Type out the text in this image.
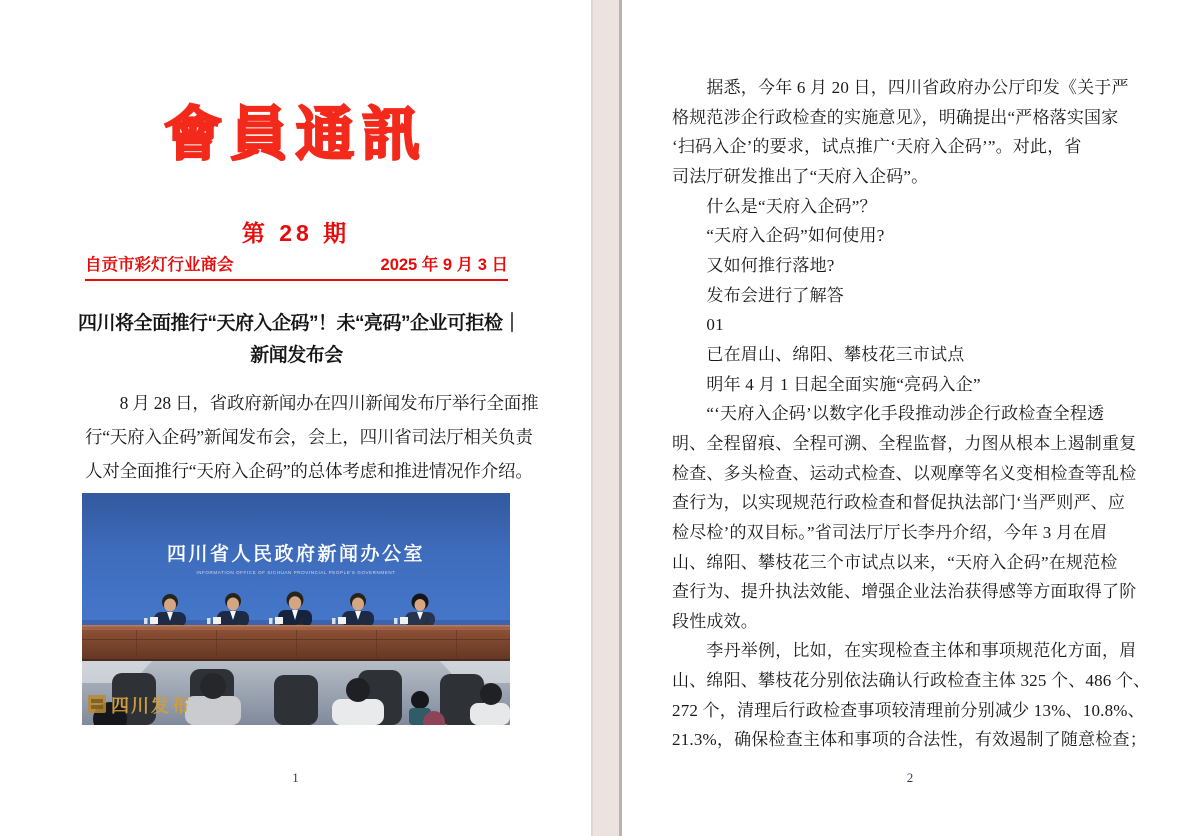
會員通訊
第 28 期
自贡市彩灯行业商会	2025 年 9 月 3 日
四川将全面推行“天府入企码”！未“亮码”企业可拒检｜
新闻发布会
　　8 月 28 日，省政府新闻办在四川新闻发布厅举行全面推
行“天府入企码”新闻发布会，会上，四川省司法厅相关负责
人对全面推行“天府入企码”的总体考虑和推进情况作介绍。
四川省人民政府新闻办公室
INFORMATION OFFICE OF SICHUAN PROVINCIAL PEOPLE'S GOVERNMENT
四川发布
1
　　据悉，今年 6 月 20 日，四川省政府办公厅印发《关于严
格规范涉企行政检查的实施意见》，明确提出“严格落实国家
‘扫码入企’的要求，试点推广‘天府入企码’”。对此，省
司法厅研发推出了“天府入企码”。
　　什么是“天府入企码”？
　　“天府入企码”如何使用?
　　又如何推行落地?
　　发布会进行了解答
　　01
　　已在眉山、绵阳、攀枝花三市试点
　　明年 4 月 1 日起全面实施“亮码入企”
　　“‘天府入企码’以数字化手段推动涉企行政检查全程透
明、全程留痕、全程可溯、全程监督，力图从根本上遏制重复
检查、多头检查、运动式检查、以观摩等名义变相检查等乱检
查行为，以实现规范行政检查和督促执法部门‘当严则严、应
检尽检’的双目标。”省司法厅厅长李丹介绍，今年 3 月在眉
山、绵阳、攀枝花三个市试点以来，“天府入企码”在规范检
查行为、提升执法效能、增强企业法治获得感等方面取得了阶
段性成效。
　　李丹举例，比如，在实现检查主体和事项规范化方面，眉
山、绵阳、攀枝花分别依法确认行政检查主体 325 个、486 个、
272 个，清理后行政检查事项较清理前分别减少 13%、10.8%、
21.3%，确保检查主体和事项的合法性，有效遏制了随意检查；
2
